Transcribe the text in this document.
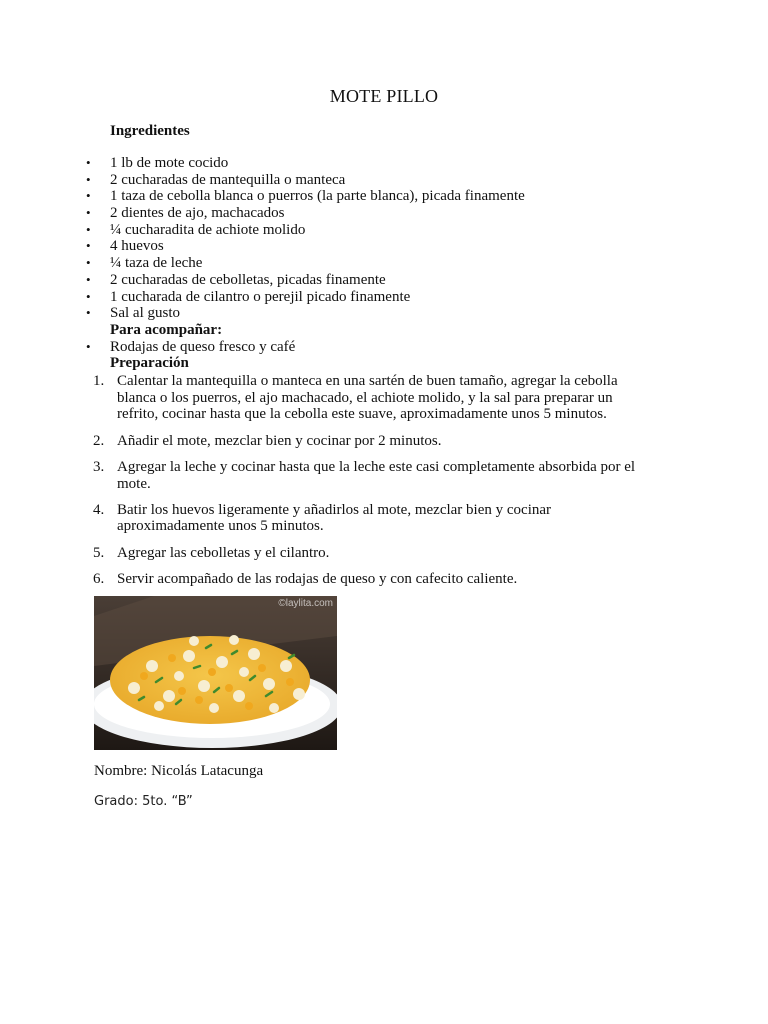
MOTE PILLO

Ingredientes

• 1 lb de mote cocido
• 2 cucharadas de mantequilla o manteca
• 1 taza de cebolla blanca o puerros (la parte blanca), picada finamente
• 2 dientes de ajo, machacados
• ¼ cucharadita de achiote molido
• 4 huevos
• ¼ taza de leche
• 2 cucharadas de cebolletas, picadas finamente
• 1 cucharada de cilantro o perejil picado finamente
• Sal al gusto
Para acompañar:
• Rodajas de queso fresco y café
Preparación
1. Calentar la mantequilla o manteca en una sartén de buen tamaño, agregar la cebolla blanca o los puerros, el ajo machacado, el achiote molido, y la sal para preparar un refrito, cocinar hasta que la cebolla este suave, aproximadamente unos 5 minutos.
2. Añadir el mote, mezclar bien y cocinar por 2 minutos.
3. Agregar la leche y cocinar hasta que la leche este casi completamente absorbida por el mote.
4. Batir los huevos ligeramente y añadirlos al mote, mezclar bien y cocinar aproximadamente unos 5 minutos.
5. Agregar las cebolletas y el cilantro.
6. Servir acompañado de las rodajas de queso y con cafecito caliente.
©laylita.com

Nombre: Nicolás Latacunga

Grado: 5to. “B”
